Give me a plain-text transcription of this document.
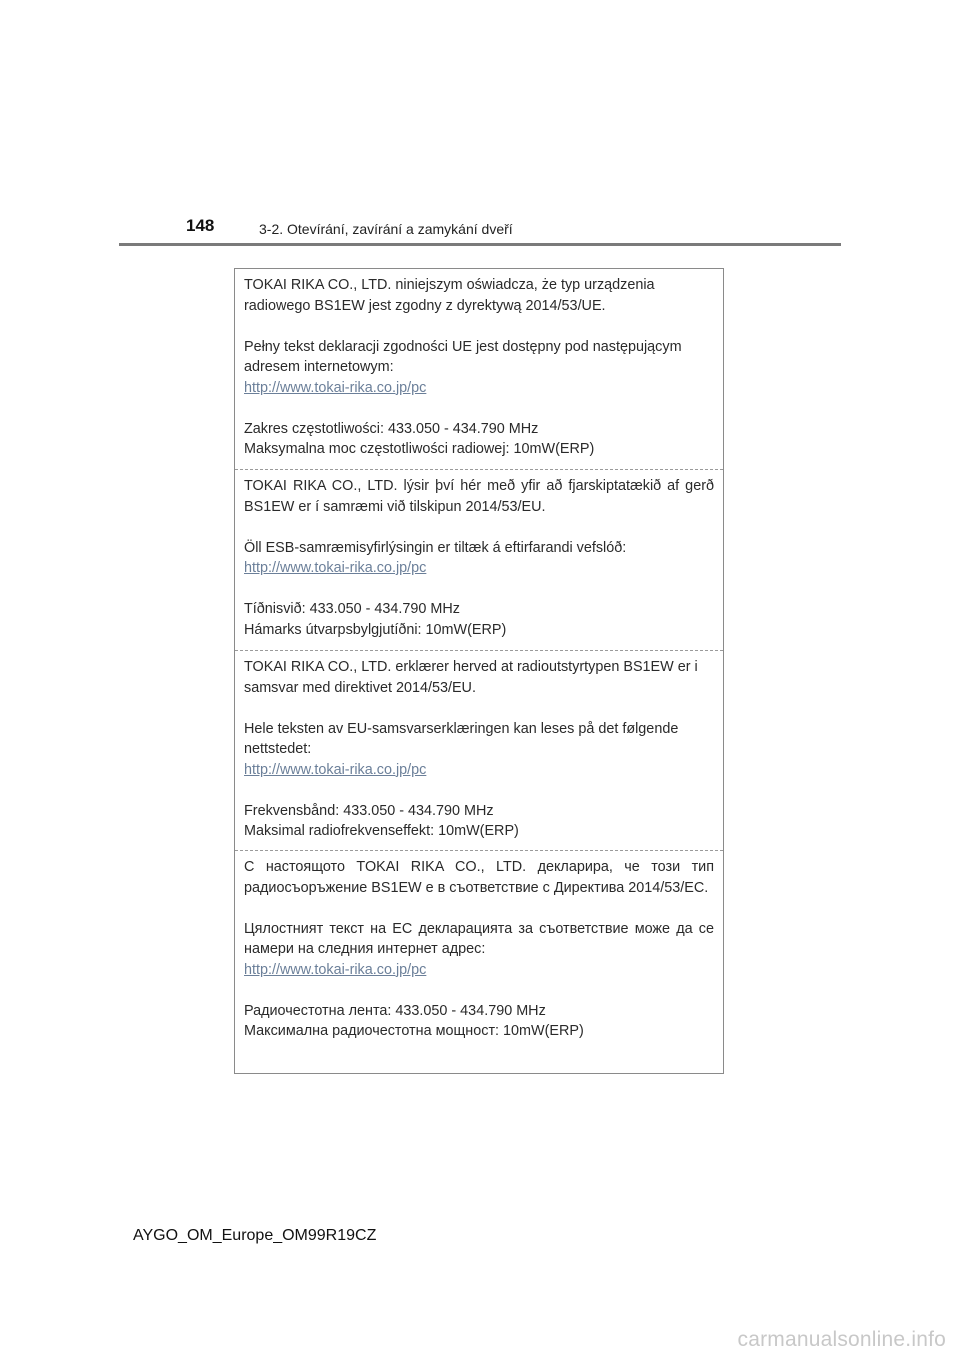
148	3-2. Otevírání, zavírání a zamykání dveří

TOKAI RIKA CO., LTD. niniejszym oświadcza, że typ urządzenia radiowego BS1EW jest zgodny z dyrektywą 2014/53/UE.

Pełny tekst deklaracji zgodności UE jest dostępny pod następującym adresem internetowym:
http://www.tokai-rika.co.jp/pc

Zakres częstotliwości: 433.050 - 434.790 MHz
Maksymalna moc częstotliwości radiowej: 10mW(ERP)

TOKAI RIKA CO., LTD. lýsir því hér með yfir að fjarskiptatækið af gerð BS1EW er í samræmi við tilskipun 2014/53/EU.

Öll ESB-samræmisyfirlýsingin er tiltæk á eftirfarandi vefslóð:
http://www.tokai-rika.co.jp/pc

Tíðnisvið: 433.050 - 434.790 MHz
Hámarks útvarpsbylgjutíðni: 10mW(ERP)

TOKAI RIKA CO., LTD. erklærer herved at radioutstyrtypen BS1EW er i samsvar med direktivet 2014/53/EU.

Hele teksten av EU-samsvarserklæringen kan leses på det følgende nettstedet:
http://www.tokai-rika.co.jp/pc

Frekvensbånd: 433.050 - 434.790 MHz
Maksimal radiofrekvenseffekt: 10mW(ERP)

С настоящото TOKAI RIKA CO., LTD. декларира, че този тип радиосъоръжение BS1EW е в съответствие с Директива 2014/53/ЕС.

Цялостният текст на ЕС декларацията за съответствие може да се намери на следния интернет адрес:
http://www.tokai-rika.co.jp/pc

Радиочестотна лента: 433.050 - 434.790 MHz
Максимална радиочестотна мощност: 10mW(ERP)

AYGO_OM_Europe_OM99R19CZ
carmanualsonline.info
